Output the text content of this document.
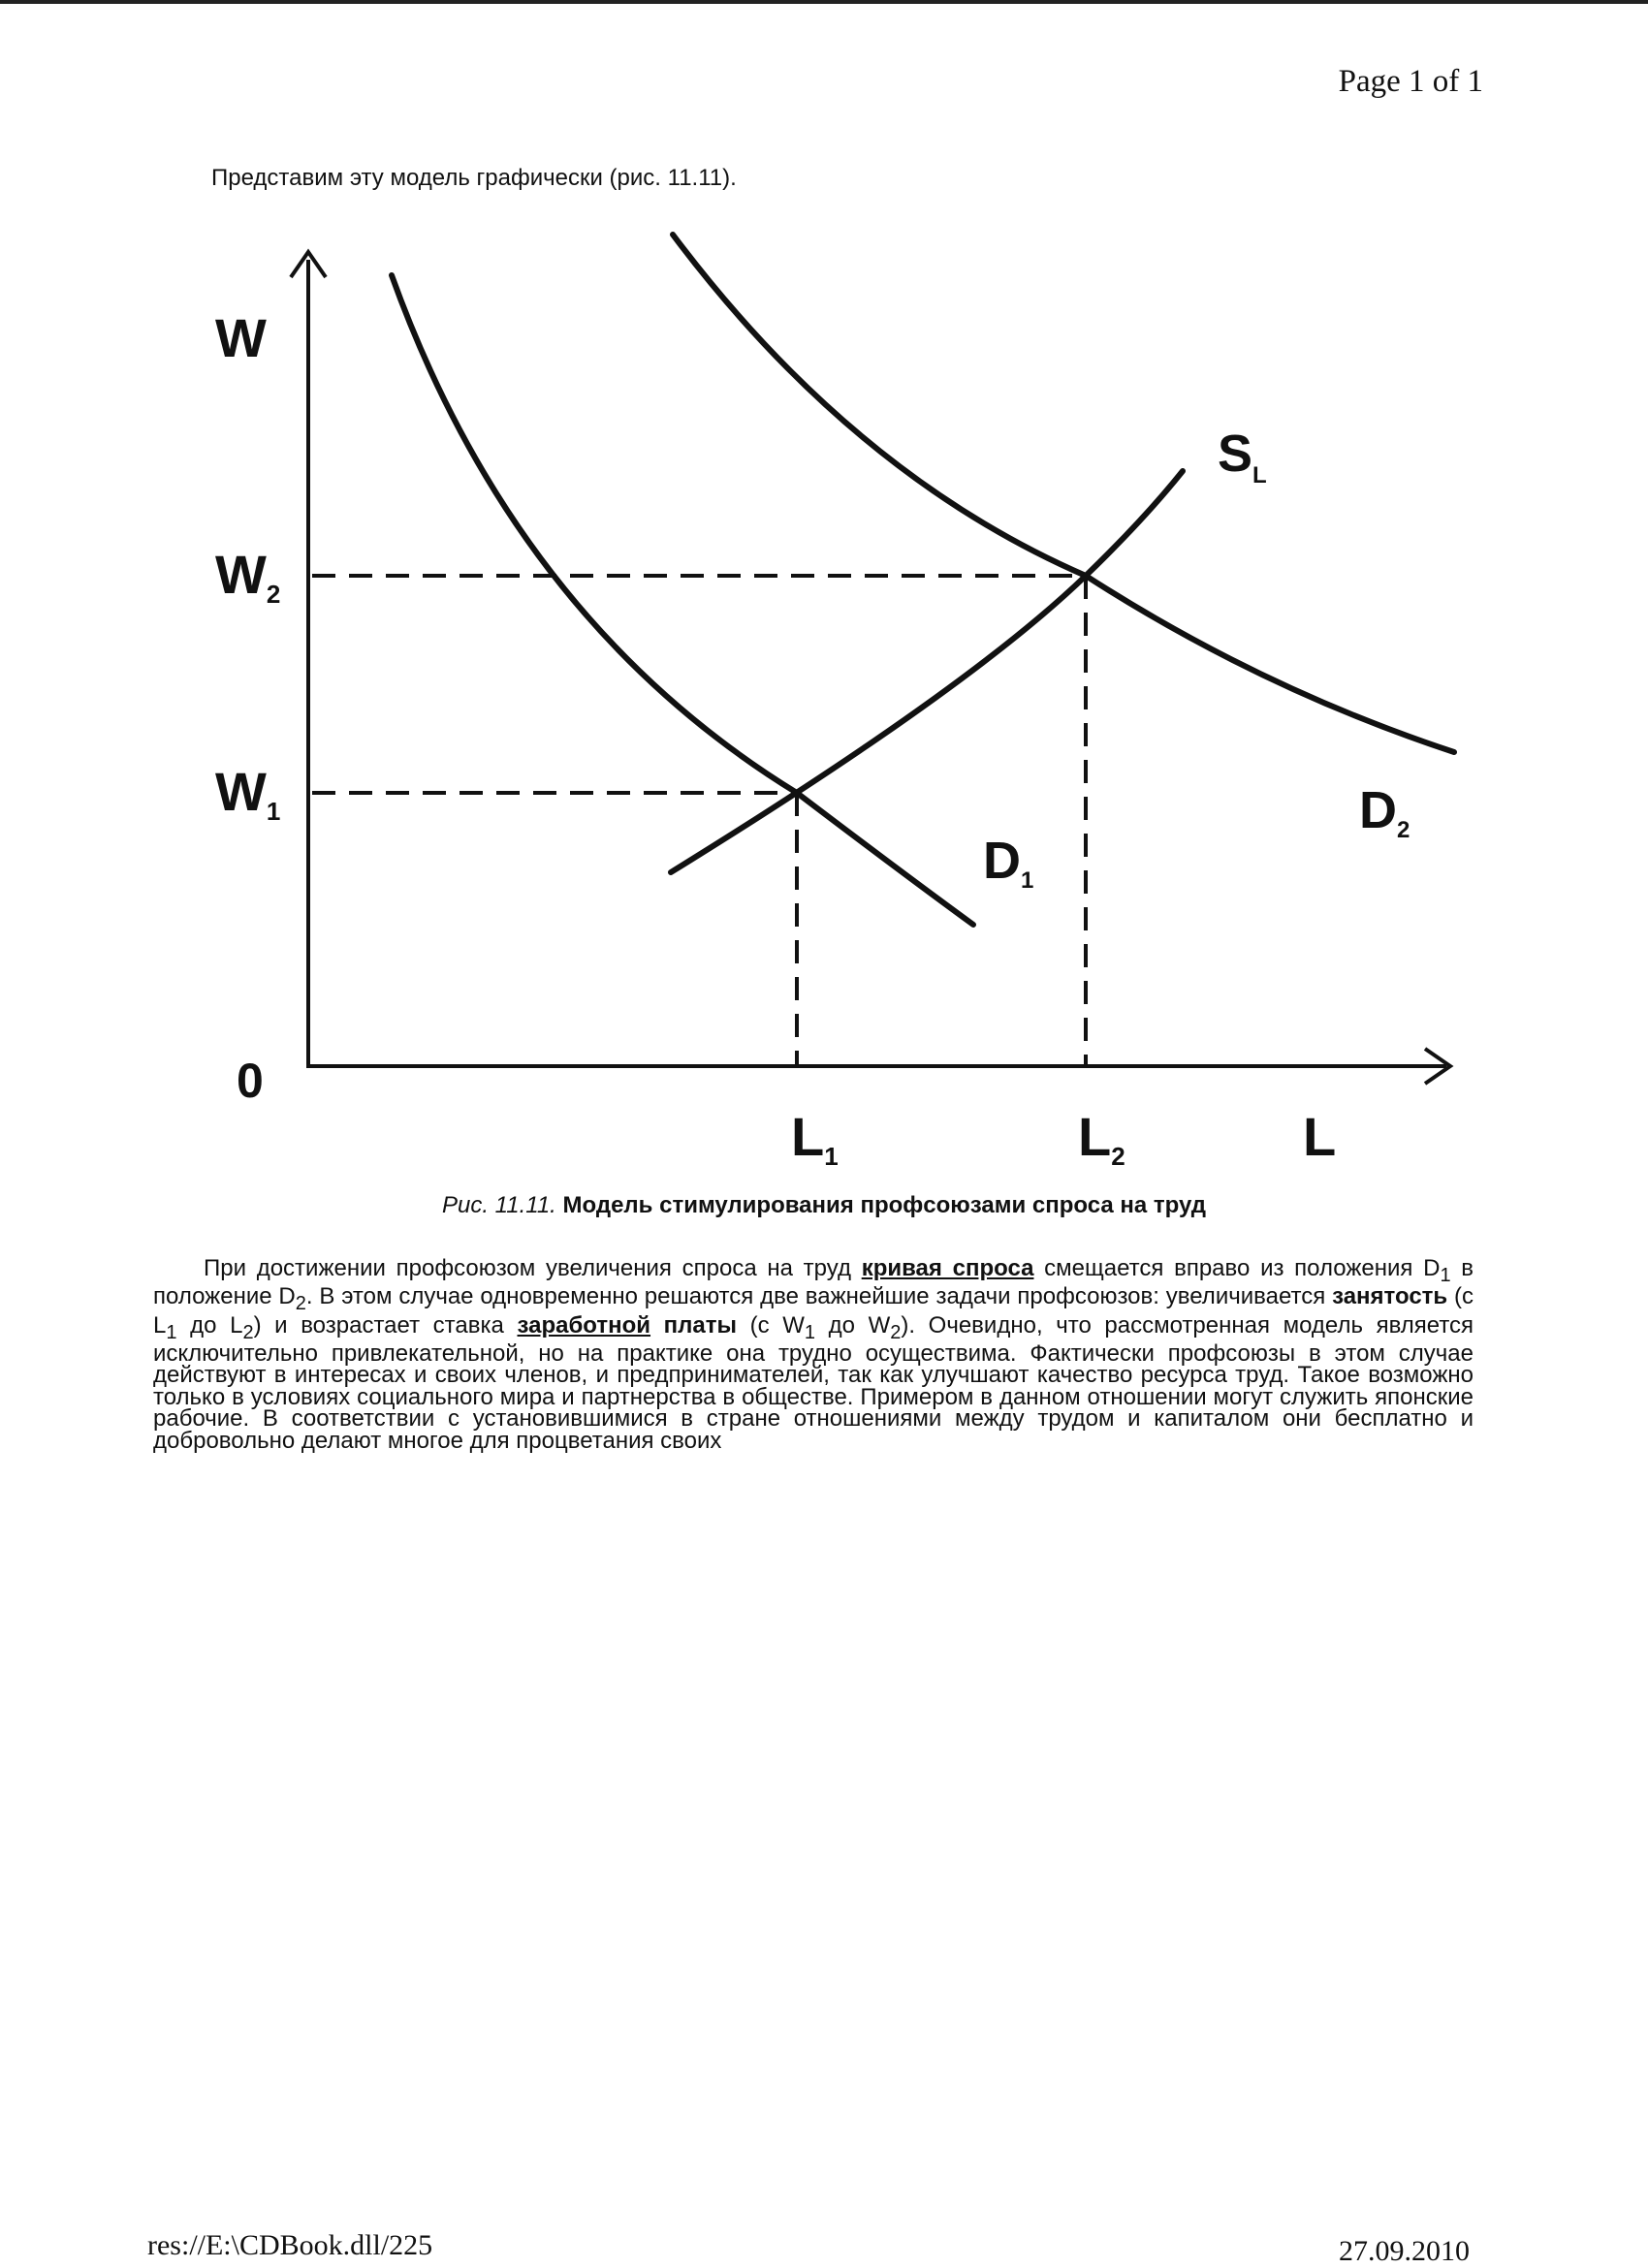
Page 1 of 1
Представим эту модель графически (рис. 11.11).
W
L
0
W2
W1
L1	L2
D1
D2
$S_L$
Рис. 11.11. Модель стимулирования профсоюзами спроса на труд
При достижении профсоюзом увеличения спроса на труд кривая спроса смещается вправо из положения $D_1$ в положение $D_2$. В этом случае одновременно решаются две важнейшие задачи профсоюзов: увеличивается занятость (с $L_1$ до $L_2$) и возрастает ставка заработной платы (с $W_1$ до $W_2$). Очевидно, что рассмотренная модель является исключительно привлекательной, но на практике она трудно осуществима. Фактически профсоюзы в этом случае действуют в интересах и своих членов, и предпринимателей, так как улучшают качество ресурса труд. Такое возможно только в условиях социального мира и партнерства в обществе. Примером в данном отношении могут служить японские рабочие. В соответствии с установившимися в стране отношениями между трудом и капиталом они бесплатно и добровольно делают многое для процветания своих
res://E:\CDBook.dll/225	27.09.2010
